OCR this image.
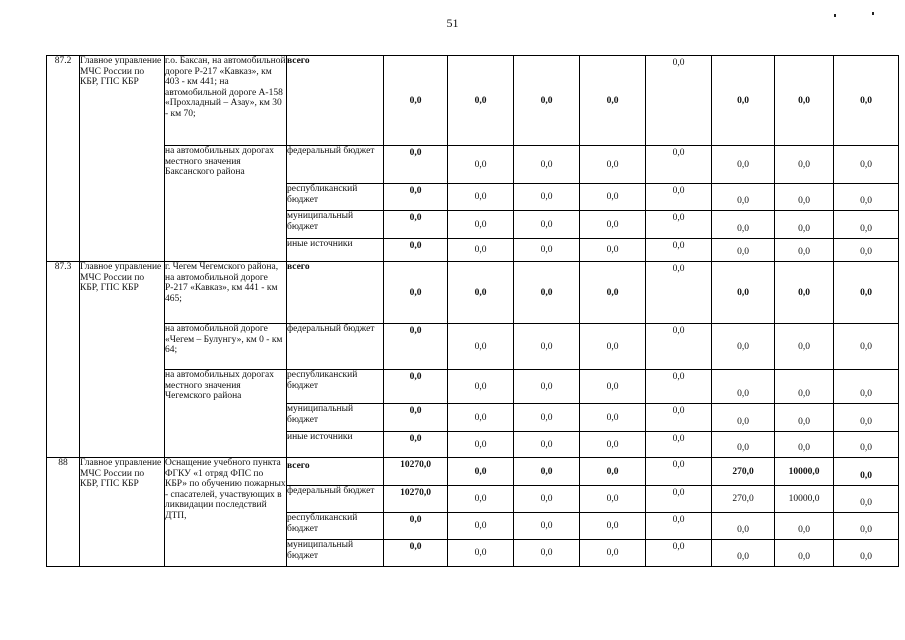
51
87.2	Главное управление МЧС России по КБР, ГПС КБР	г.о. Баксан, на автомобильной дороге Р-217 «Кавказ», км 403 - км 441; на автомобильной дороге А-158 «Прохладный – Азау», км 30 - км 70;	всего	0,0	0,0	0,0	0,0	0,0	0,0	0,0	0,0

		на автомобильных дорогах местного значения Баксанского района	федеральный бюджет	0,0	0,0	0,0	0,0	0,0	0,0	0,0	0,0

			республиканский бюджет	0,0	0,0	0,0	0,0	0,0	0,0	0,0	0,0

			муниципальный бюджет	0,0	0,0	0,0	0,0	0,0	0,0	0,0	0,0

			иные источники	0,0	0,0	0,0	0,0	0,0	0,0	0,0	0,0

87.3	Главное управление МЧС России по КБР, ГПС КБР	г. Чегем Чегемского района, на автомобильной дороге Р-217 «Кавказ», км 441 - км 465;	всего	0,0	0,0	0,0	0,0	0,0	0,0	0,0	0,0

		на автомобильной дороге «Чегем – Булунгу», км 0 - км 64;	федеральный бюджет	0,0	0,0	0,0	0,0	0,0	0,0	0,0	0,0

		на автомобильных дорогах местного значения Чегемского района	республиканский бюджет	0,0	0,0	0,0	0,0	0,0	0,0	0,0	0,0

			муниципальный бюджет	0,0	0,0	0,0	0,0	0,0	0,0	0,0	0,0

			иные источники	0,0	0,0	0,0	0,0	0,0	0,0	0,0	0,0

88	Главное управление МЧС России по КБР, ГПС КБР	Оснащение учебного пункта ФГКУ «1 отряд ФПС по КБР» по обучению пожарных - спасателей, участвующих в ликвидации последствий ДТП,	всего	10270,0	0,0	0,0	0,0	0,0	270,0	10000,0	0,0

			федеральный бюджет	10270,0	0,0	0,0	0,0	0,0	270,0	10000,0	0,0

			республиканский бюджет	0,0	0,0	0,0	0,0	0,0	0,0	0,0	0,0

			муниципальный бюджет	0,0	0,0	0,0	0,0	0,0	0,0	0,0	0,0
